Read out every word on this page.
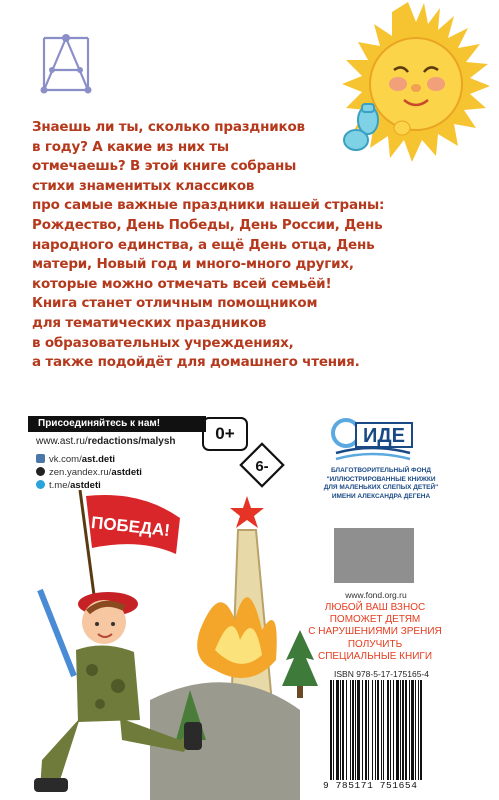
Знаешь ли ты, сколько праздников
в году? А какие из них ты
отмечаешь? В этой книге собраны
стихи знаменитых классиков
про самые важные праздники нашей страны:
Рождество, День Победы, День России, День
народного единства, а ещё День отца, День
матери, Новый год и много-много других,
которые можно отмечать всей семьёй!
Книга станет отличным помощником
для тематических праздников
в образовательных учреждениях,
а также подойдёт для домашнего чтения.

Присоединяйтесь к нам!
www.ast.ru/redactions/malysh
vk.com/ast.deti
zen.yandex.ru/astdeti
t.me/astdeti
0+
6-
ИДЕ
БЛАГОТВОРИТЕЛЬНЫЙ ФОНД
"ИЛЛЮСТРИРОВАННЫЕ КНИЖКИ
ДЛЯ МАЛЕНЬКИХ СЛЕПЫХ ДЕТЕЙ"
ИМЕНИ АЛЕКСАНДРА ДЕГЕНА
www.fond.org.ru
ЛЮБОЙ ВАШ ВЗНОС
ПОМОЖЕТ ДЕТЯМ
С НАРУШЕНИЯМИ ЗРЕНИЯ
ПОЛУЧИТЬ
СПЕЦИАЛЬНЫЕ КНИГИ
ПОБЕДА!
ISBN 978-5-17-175165-4
9 785171 751654
